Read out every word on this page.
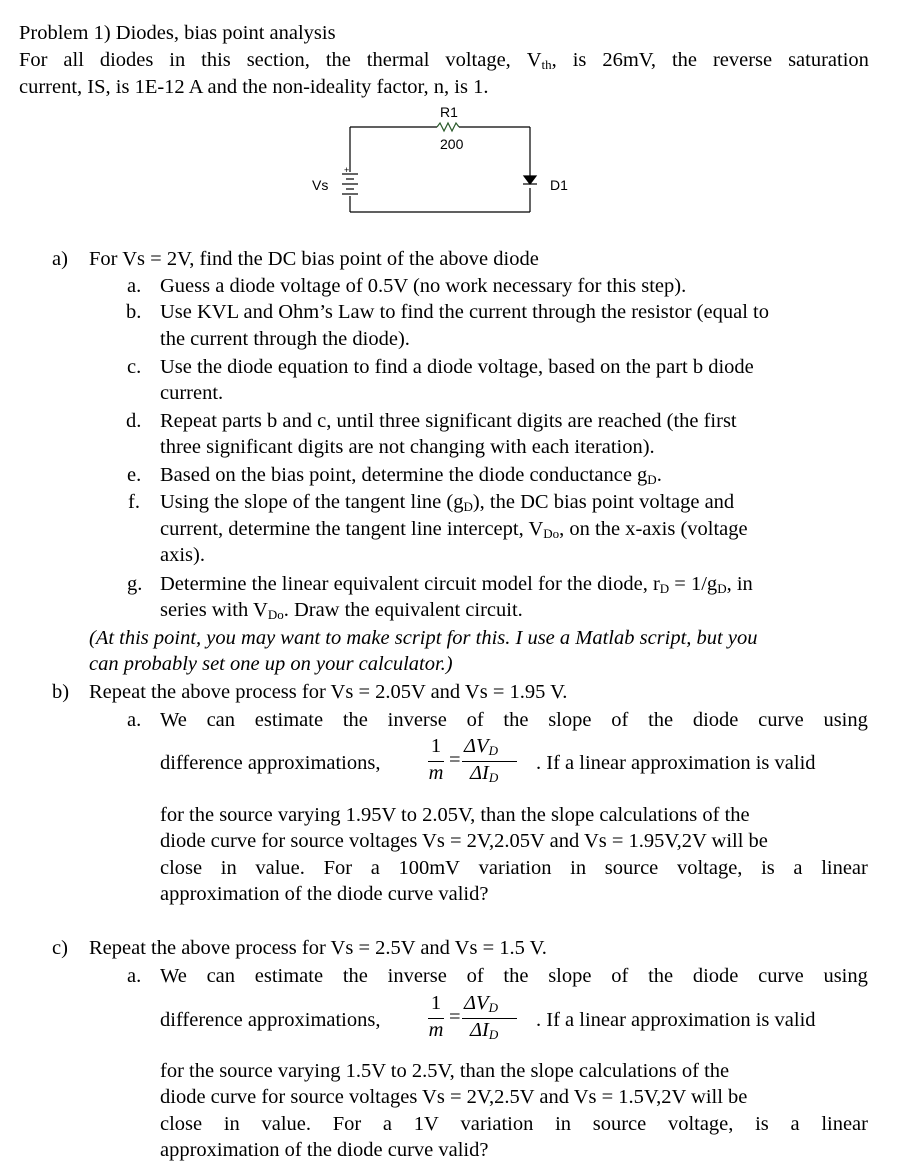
Problem 1) Diodes, bias point analysis
For all diodes in this section, the thermal voltage, $V_{th}$, is 26mV, the reverse saturation
current, IS, is 1E-12 A and the non-ideality factor, n, is 1.
+
R1
200
Vs	D1
a) For Vs = 2V, find the DC bias point of the above diode
a. Guess a diode voltage of 0.5V (no work necessary for this step).
b. Use KVL and Ohm’s Law to find the current through the resistor (equal to
the current through the diode).
c. Use the diode equation to find a diode voltage, based on the part b diode
current.
d. Repeat parts b and c, until three significant digits are reached (the first
three significant digits are not changing with each iteration).
e. Based on the bias point, determine the diode conductance $g_D$.
f. Using the slope of the tangent line $(g_D)$, the DC bias point voltage and
current, determine the tangent line intercept, $V_{Do}$, on the x-axis (voltage
axis).
g. Determine the linear equivalent circuit model for the diode, $r_D = 1/g_D$, in
series with $V_{Do}$. Draw the equivalent circuit.
(At this point, you may want to make script for this. I use a Matlab script, but you
can probably set one up on your calculator.)
b) Repeat the above process for Vs = 2.05V and Vs = 1.95 V.
a. We can estimate the inverse of the slope of the diode curve using
difference approximations,
1
m
=
$\Delta V_D$
$\Delta I_D$
. If a linear approximation is valid
for the source varying 1.95V to 2.05V, than the slope calculations of the
diode curve for source voltages Vs = 2V,2.05V and Vs = 1.95V,2V will be
close in value. For a 100mV variation in source voltage, is a linear
approximation of the diode curve valid?
c) Repeat the above process for Vs = 2.5V and Vs = 1.5 V.
a. We can estimate the inverse of the slope of the diode curve using
difference approximations,
1
m
=
$\Delta V_D$
$\Delta I_D$
. If a linear approximation is valid
for the source varying 1.5V to 2.5V, than the slope calculations of the
diode curve for source voltages Vs = 2V,2.5V and Vs = 1.5V,2V will be
close in value. For a 1V variation in source voltage, is a linear
approximation of the diode curve valid?
